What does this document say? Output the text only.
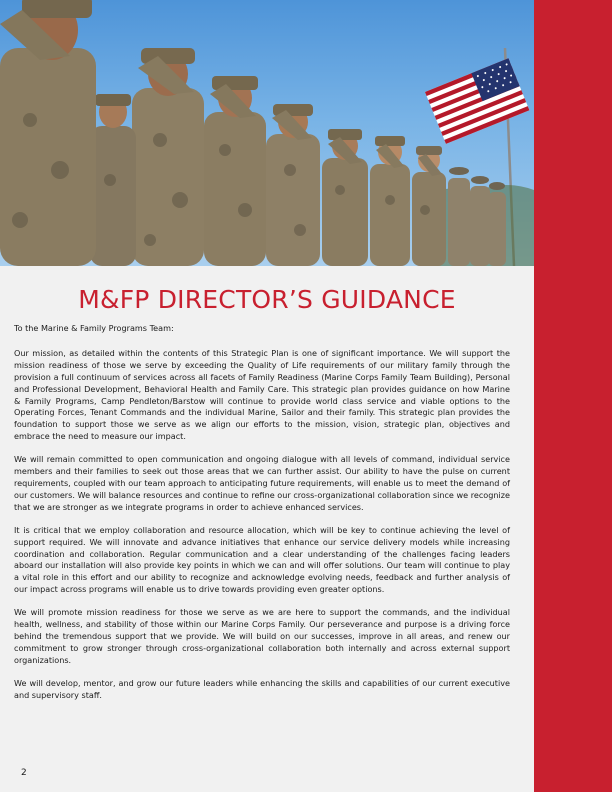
M&FP DIRECTOR’S GUIDANCE

To the Marine & Family Programs Team:

Our mission, as detailed within the contents of this Strategic Plan is one of significant importance. We will support the mission readiness of those we serve by exceeding the Quality of Life requirements of our military family through the provision a full continuum of services across all facets of Family Readiness (Marine Corps Family Team Building), Personal and Professional Development, Behavioral Health and Family Care. This strategic plan provides guidance on how Marine & Family Programs, Camp Pendleton/Barstow will continue to provide world class service and viable options to the Operating Forces, Tenant Commands and the individual Marine, Sailor and their family. This strategic plan provides the foundation to support those we serve as we align our efforts to the mission, vision, strategic plan, objectives and embrace the need to measure our impact.

We will remain committed to open communication and ongoing dialogue with all levels of command, individual service members and their families to seek out those areas that we can further assist. Our ability to have the pulse on current requirements, coupled with our team approach to anticipating future requirements, will enable us to meet the demand of our customers. We will balance resources and continue to refine our cross-organizational collaboration since we recognize that we are stronger as we integrate programs in order to achieve enhanced services.

It is critical that we employ collaboration and resource allocation, which will be key to continue achieving the level of support required. We will innovate and advance initiatives that enhance our service delivery models while increasing coordination and collaboration. Regular communication and a clear understanding of the challenges facing leaders aboard our installation will also provide key points in which we can and will offer solutions. Our team will continue to play a vital role in this effort and our ability to recognize and acknowledge evolving needs, feedback and further analysis of our impact across programs will enable us to drive towards providing even greater options.

We will promote mission readiness for those we serve as we are here to support the commands, and the individual health, wellness, and stability of those within our Marine Corps Family. Our perseverance and purpose is a driving force behind the tremendous support that we provide. We will build on our successes, improve in all areas, and renew our commitment to grow stronger through cross-organizational collaboration both internally and across external support organizations.

We will develop, mentor, and grow our future leaders while enhancing the skills and capabilities of our current executive and supervisory staff.

2
